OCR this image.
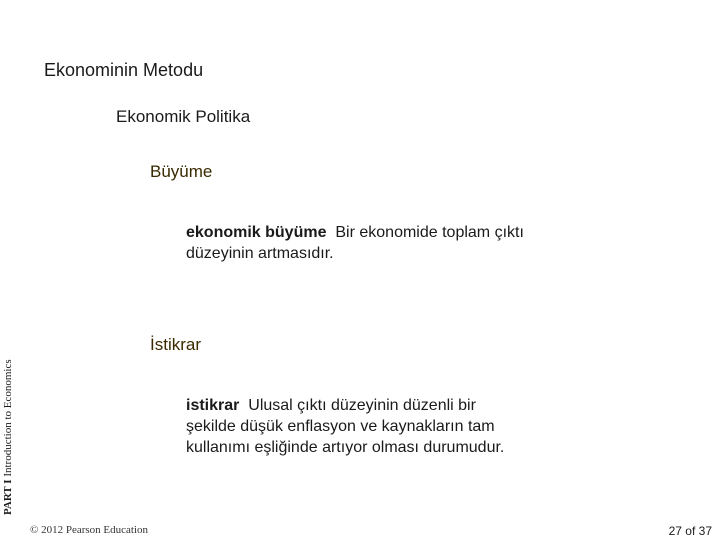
Ekonominin Metodu
Ekonomik Politika
Büyüme
ekonomik büyüme Bir ekonomide toplam çıktı düzeyinin artmasıdır.
İstikrar
istikrar Ulusal çıktı düzeyinin düzenli bir şekilde düşük enflasyon ve kaynakların tam kullanımı eşliğinde artıyor olması durumudur.
PART I Introduction to Economics
© 2012 Pearson Education	27 of 37
